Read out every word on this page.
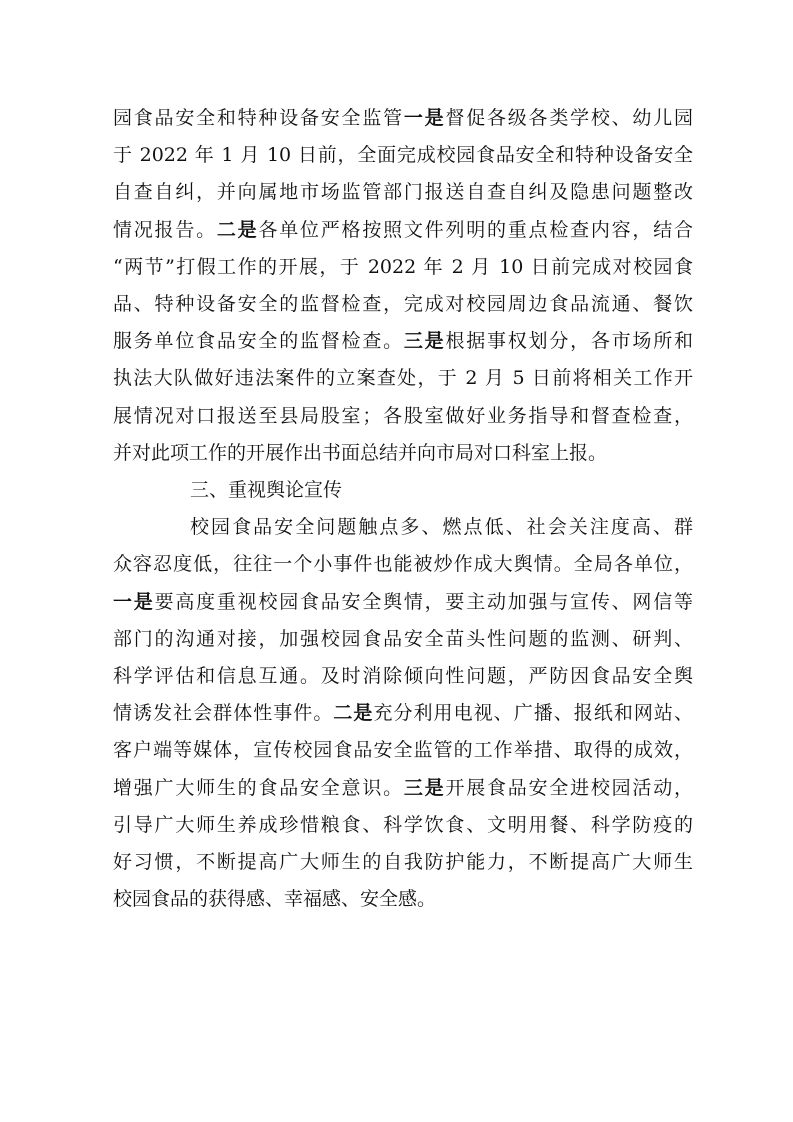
园食品安全和特种设备安全监管一是督促各级各类学校、幼儿园
于 2022 年 1 月 10 日前，全面完成校园食品安全和特种设备安全
自查自纠，并向属地市场监管部门报送自查自纠及隐患问题整改
情况报告。二是各单位严格按照文件列明的重点检查内容，结合
“两节”打假工作的开展，于 2022 年 2 月 10 日前完成对校园食
品、特种设备安全的监督检查，完成对校园周边食品流通、餐饮
服务单位食品安全的监督检查。三是根据事权划分，各市场所和
执法大队做好违法案件的立案查处，于 2 月 5 日前将相关工作开
展情况对口报送至县局股室；各股室做好业务指导和督查检查，
并对此项工作的开展作出书面总结并向市局对口科室上报。

三、重视舆论宣传

校园食品安全问题触点多、燃点低、社会关注度高、群
众容忍度低，往往一个小事件也能被炒作成大舆情。全局各单位，
一是要高度重视校园食品安全舆情，要主动加强与宣传、网信等
部门的沟通对接，加强校园食品安全苗头性问题的监测、研判、
科学评估和信息互通。及时消除倾向性问题，严防因食品安全舆
情诱发社会群体性事件。二是充分利用电视、广播、报纸和网站、
客户端等媒体，宣传校园食品安全监管的工作举措、取得的成效，
增强广大师生的食品安全意识。三是开展食品安全进校园活动，
引导广大师生养成珍惜粮食、科学饮食、文明用餐、科学防疫的
好习惯，不断提高广大师生的自我防护能力，不断提高广大师生
校园食品的获得感、幸福感、安全感。
